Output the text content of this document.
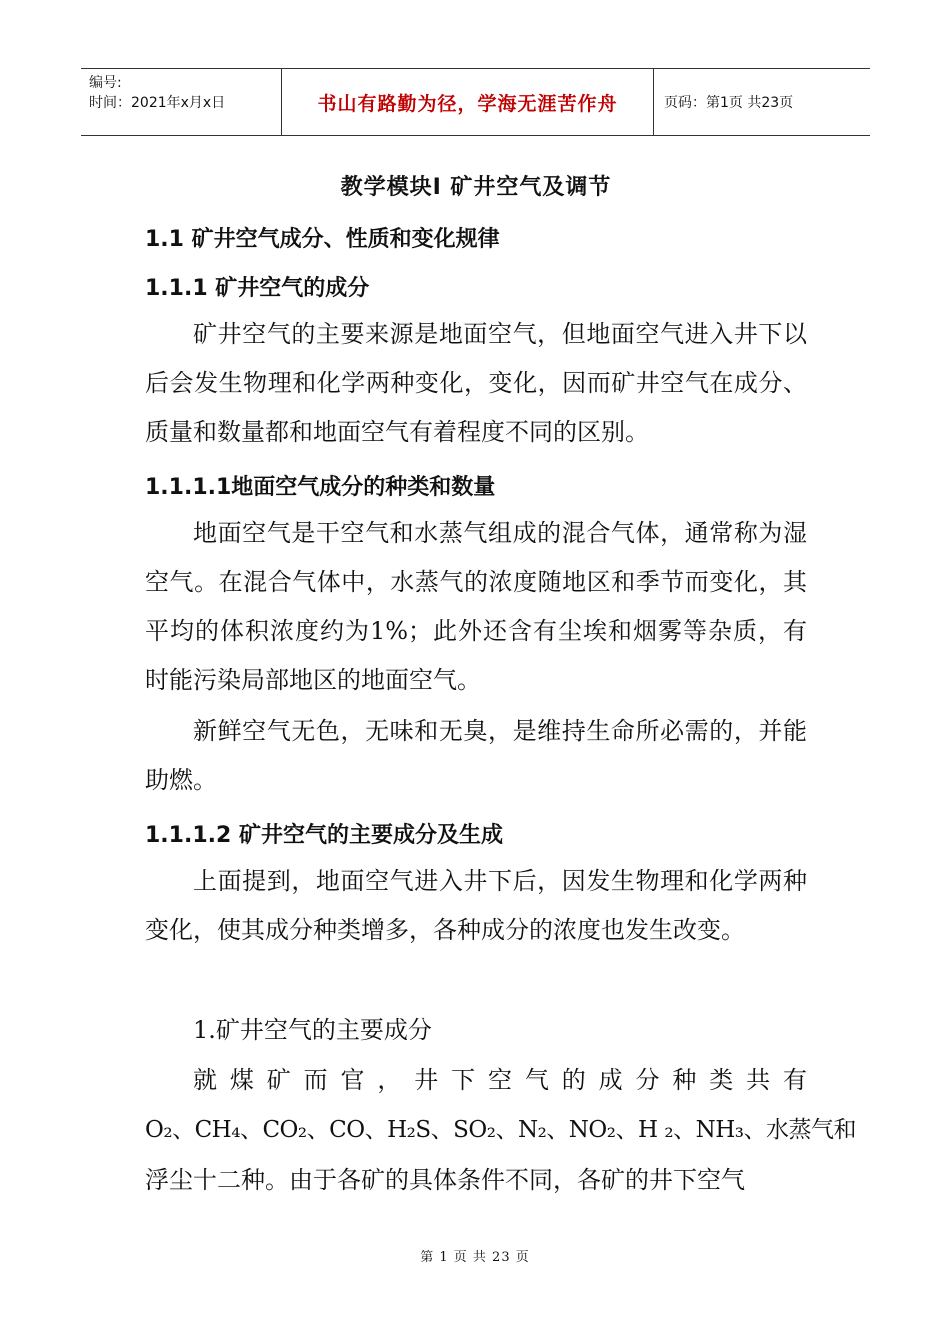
编号:
时间：2021年x月x日	书山有路勤为径，学海无涯苦作舟	页码：第1页 共23页
教学模块Ⅰ 矿井空气及调节
1.1 矿井空气成分、性质和变化规律
1.1.1 矿井空气的成分

矿井空气的主要来源是地面空气，但地面空气进入井下以后会发生物理和化学两种变化，变化，因而矿井空气在成分、质量和数量都和地面空气有着程度不同的区别。

1.1.1.1地面空气成分的种类和数量

地面空气是干空气和水蒸气组成的混合气体，通常称为湿空气。在混合气体中，水蒸气的浓度随地区和季节而变化，其平均的体积浓度约为1%；此外还含有尘埃和烟雾等杂质，有时能污染局部地区的地面空气。

新鲜空气无色，无味和无臭，是维持生命所必需的，并能助燃。

1.1.1.2 矿井空气的主要成分及生成

上面提到，地面空气进入井下后，因发生物理和化学两种变化，使其成分种类增多，各种成分的浓度也发生改变。

1.矿井空气的主要成分
就 煤 矿 而 官 ， 井 下 空 气 的 成 分 种 类 共 有
O₂、CH₄、CO₂、CO、H₂S、SO₂、N₂、NO₂、H ₂、NH₃、水蒸气和
浮尘十二种。由于各矿的具体条件不同，各矿的井下空气
第 1 页 共 23 页
